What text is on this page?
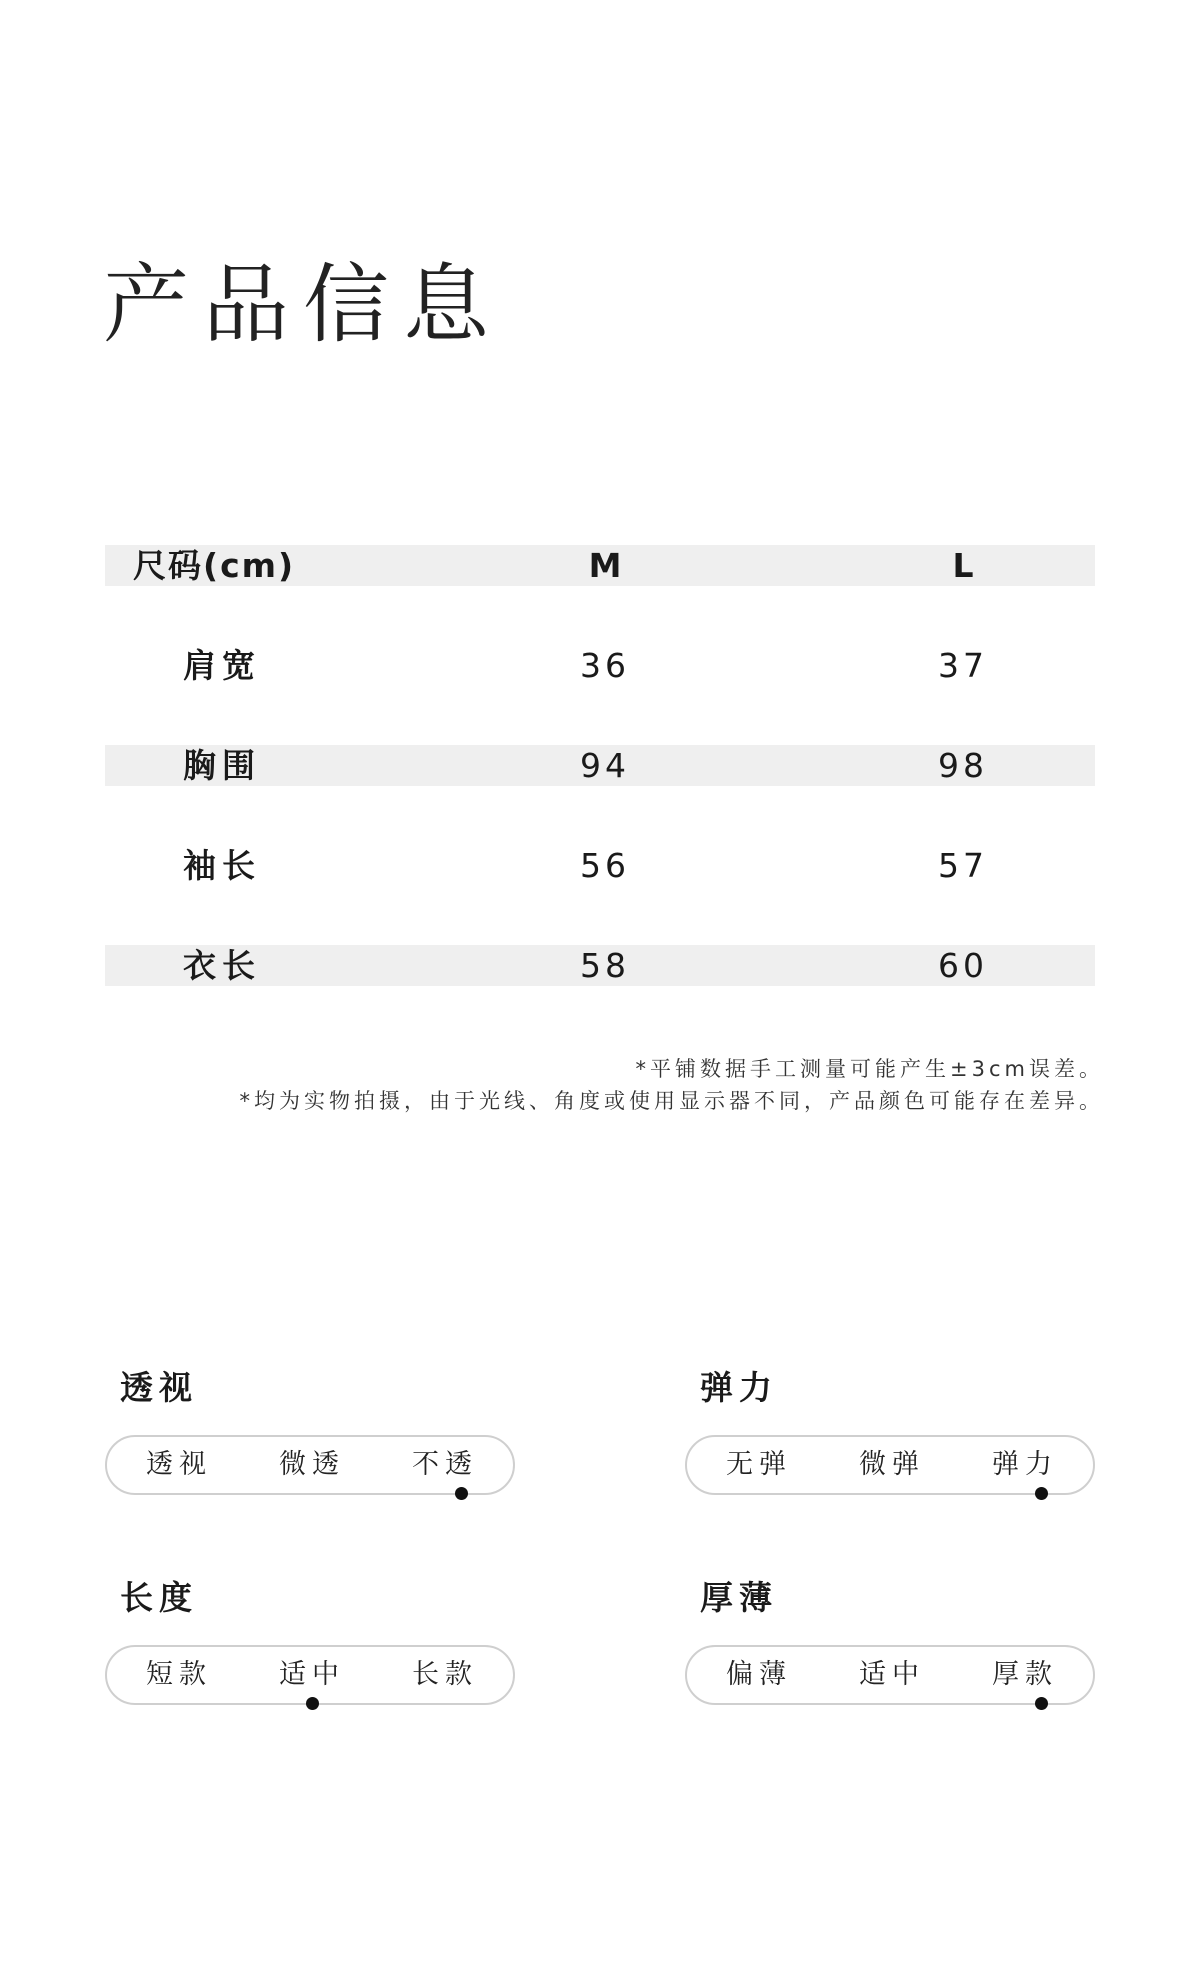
产品信息
尺码(cm)	M	L
肩宽	36	37
胸围	94	98
袖长	56	57
衣长	58	60
*平铺数据手工测量可能产生±3cm误差。
*均为实物拍摄，由于光线、角度或使用显示器不同，产品颜色可能存在差异。
透视
透视	微透	不透
弹力
无弹	微弹	弹力
长度
短款	适中	长款
厚薄
偏薄	适中	厚款
